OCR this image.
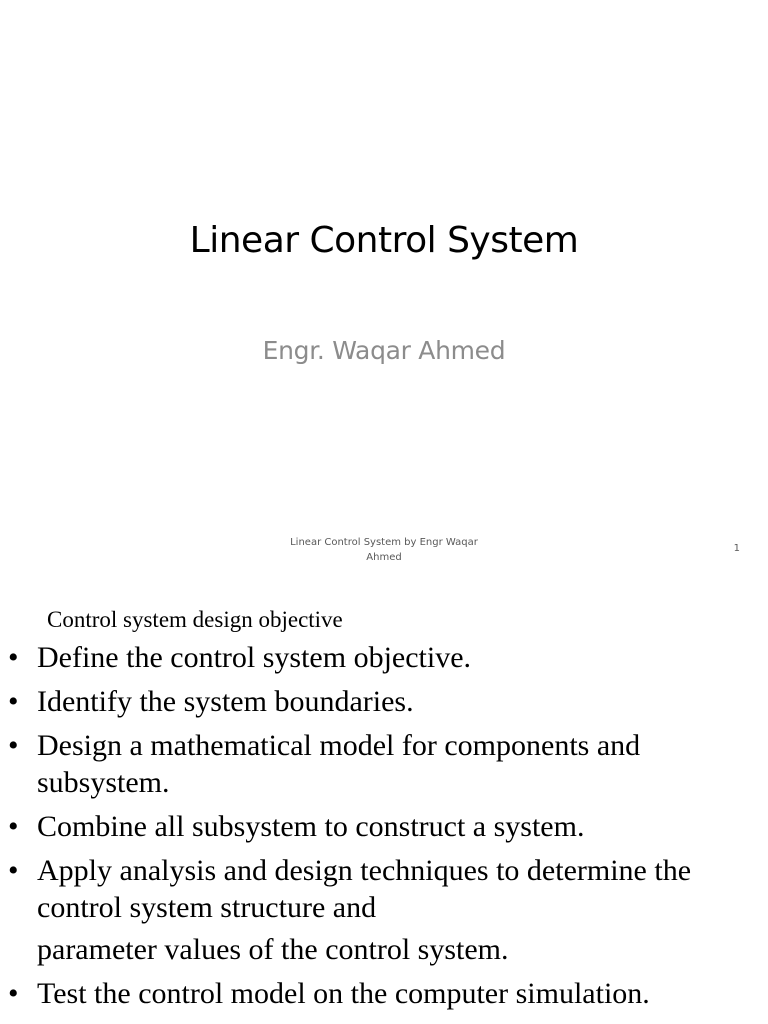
Linear Control System
Engr. Waqar Ahmed
Linear Control System by Engr Waqar
Ahmed
1
Control system design objective
• Define the control system objective.
• Identify the system boundaries.
• Design a mathematical model for components and subsystem.
• Combine all subsystem to construct a system.
• Apply analysis and design techniques to determine the control system structure and
parameter values of the control system.
• Test the control model on the computer simulation.
